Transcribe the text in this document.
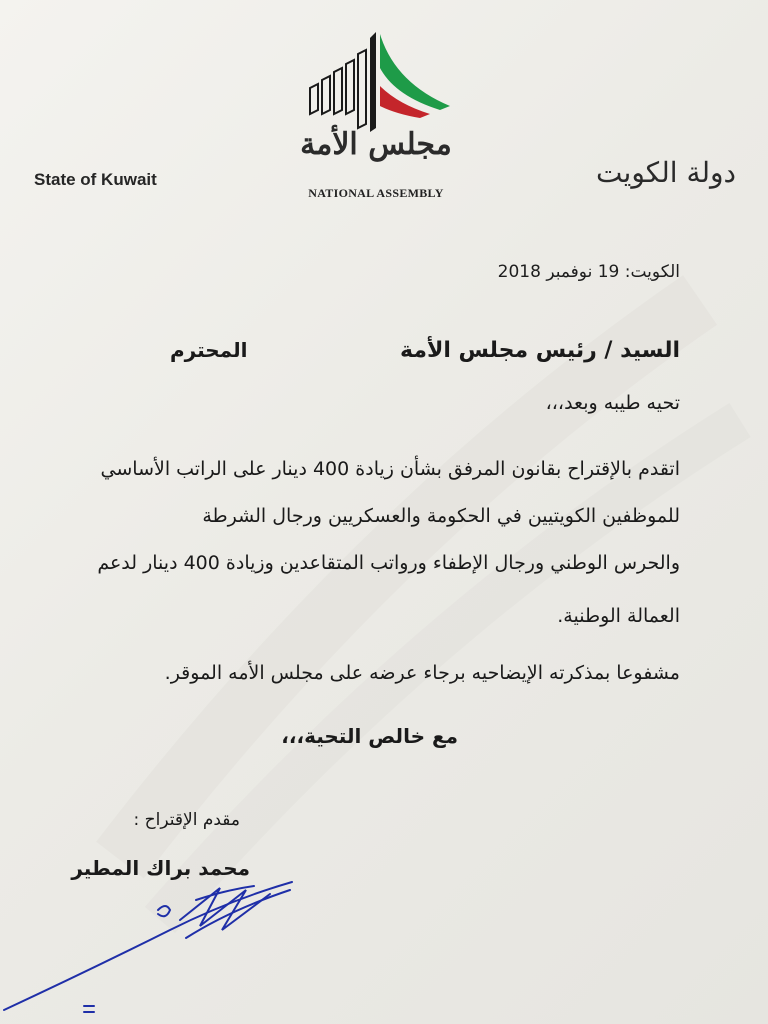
مجلس الأمة
NATIONAL ASSEMBLY
State of Kuwait	دولة الكويت
الكويت: 19 نوفمبر 2018
السيد / رئيس مجلس الأمة
المحترم
تحيه طيبه وبعد،،،
اتقدم بالإقتراح بقانون المرفق بشأن زيادة 400 دينار على الراتب الأساسي
للموظفين الكويتيين في الحكومة والعسكريين ورجال الشرطة
والحرس الوطني ورجال الإطفاء ورواتب المتقاعدين وزيادة 400 دينار لدعم
العمالة الوطنية.
مشفوعا بمذكرته الإيضاحيه برجاء عرضه على مجلس الأمه الموقر.
مع خالص التحية،،،
مقدم الإقتراح :
محمد براك المطير
